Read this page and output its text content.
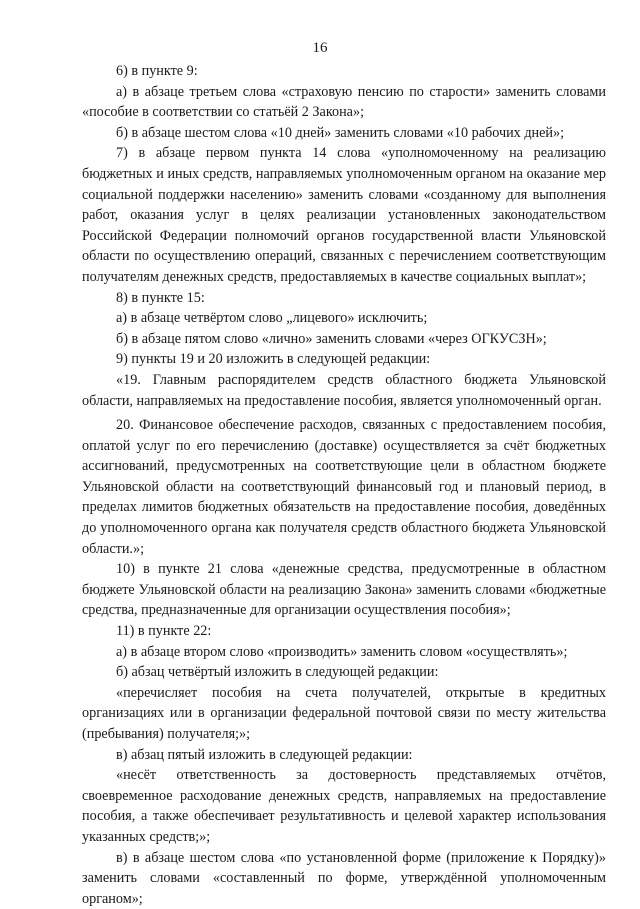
16

6) в пункте 9:

а) в абзаце третьем слова «страховую пенсию по старости» заменить словами «пособие в соответствии со статьёй 2 Закона»;

б) в абзаце шестом слова «10 дней» заменить словами «10 рабочих дней»;

7) в абзаце первом пункта 14 слова «уполномоченному на реализацию бюджетных и иных средств, направляемых уполномоченным органом на оказание мер социальной поддержки населению» заменить словами «созданному для выполнения работ, оказания услуг в целях реализации установленных законодательством Российской Федерации полномочий органов государственной власти Ульяновской области по осуществлению операций, связанных с перечислением соответствующим получателям денежных средств, предоставляемых в качестве социальных выплат»;

8) в пункте 15:

а) в абзаце четвёртом слово „лицевого» исключить;

б) в абзаце пятом слово «лично» заменить словами «через ОГКУСЗН»;

9) пункты 19 и 20 изложить в следующей редакции:

«19. Главным распорядителем средств областного бюджета Ульяновской области, направляемых на предоставление пособия, является уполномоченный орган.

20. Финансовое обеспечение расходов, связанных с предоставлением пособия, оплатой услуг по его перечислению (доставке) осуществляется за счёт бюджетных ассигнований, предусмотренных на соответствующие цели в областном бюджете Ульяновской области на соответствующий финансовый год и плановый период, в пределах лимитов бюджетных обязательств на предоставление пособия, доведённых до уполномоченного органа как получателя средств областного бюджета Ульяновской области.»;

10) в пункте 21 слова «денежные средства, предусмотренные в областном бюджете Ульяновской области на реализацию Закона» заменить словами «бюджетные средства, предназначенные для организации осуществления пособия»;

11) в пункте 22:

а) в абзаце втором слово «производить» заменить словом «осуществлять»;

б) абзац четвёртый изложить в следующей редакции:

«перечисляет пособия на счета получателей, открытые в кредитных организациях или в организации федеральной почтовой связи по месту жительства (пребывания) получателя;»;

в) абзац пятый изложить в следующей редакции:

«несёт ответственность за достоверность представляемых отчётов, своевременное расходование денежных средств, направляемых на предоставление пособия, а также обеспечивает результативность и целевой характер использования указанных средств;»;

в) в абзаце шестом слова «по установленной форме (приложение к Порядку)» заменить словами «составленный по форме, утверждённой уполномоченным органом»;
